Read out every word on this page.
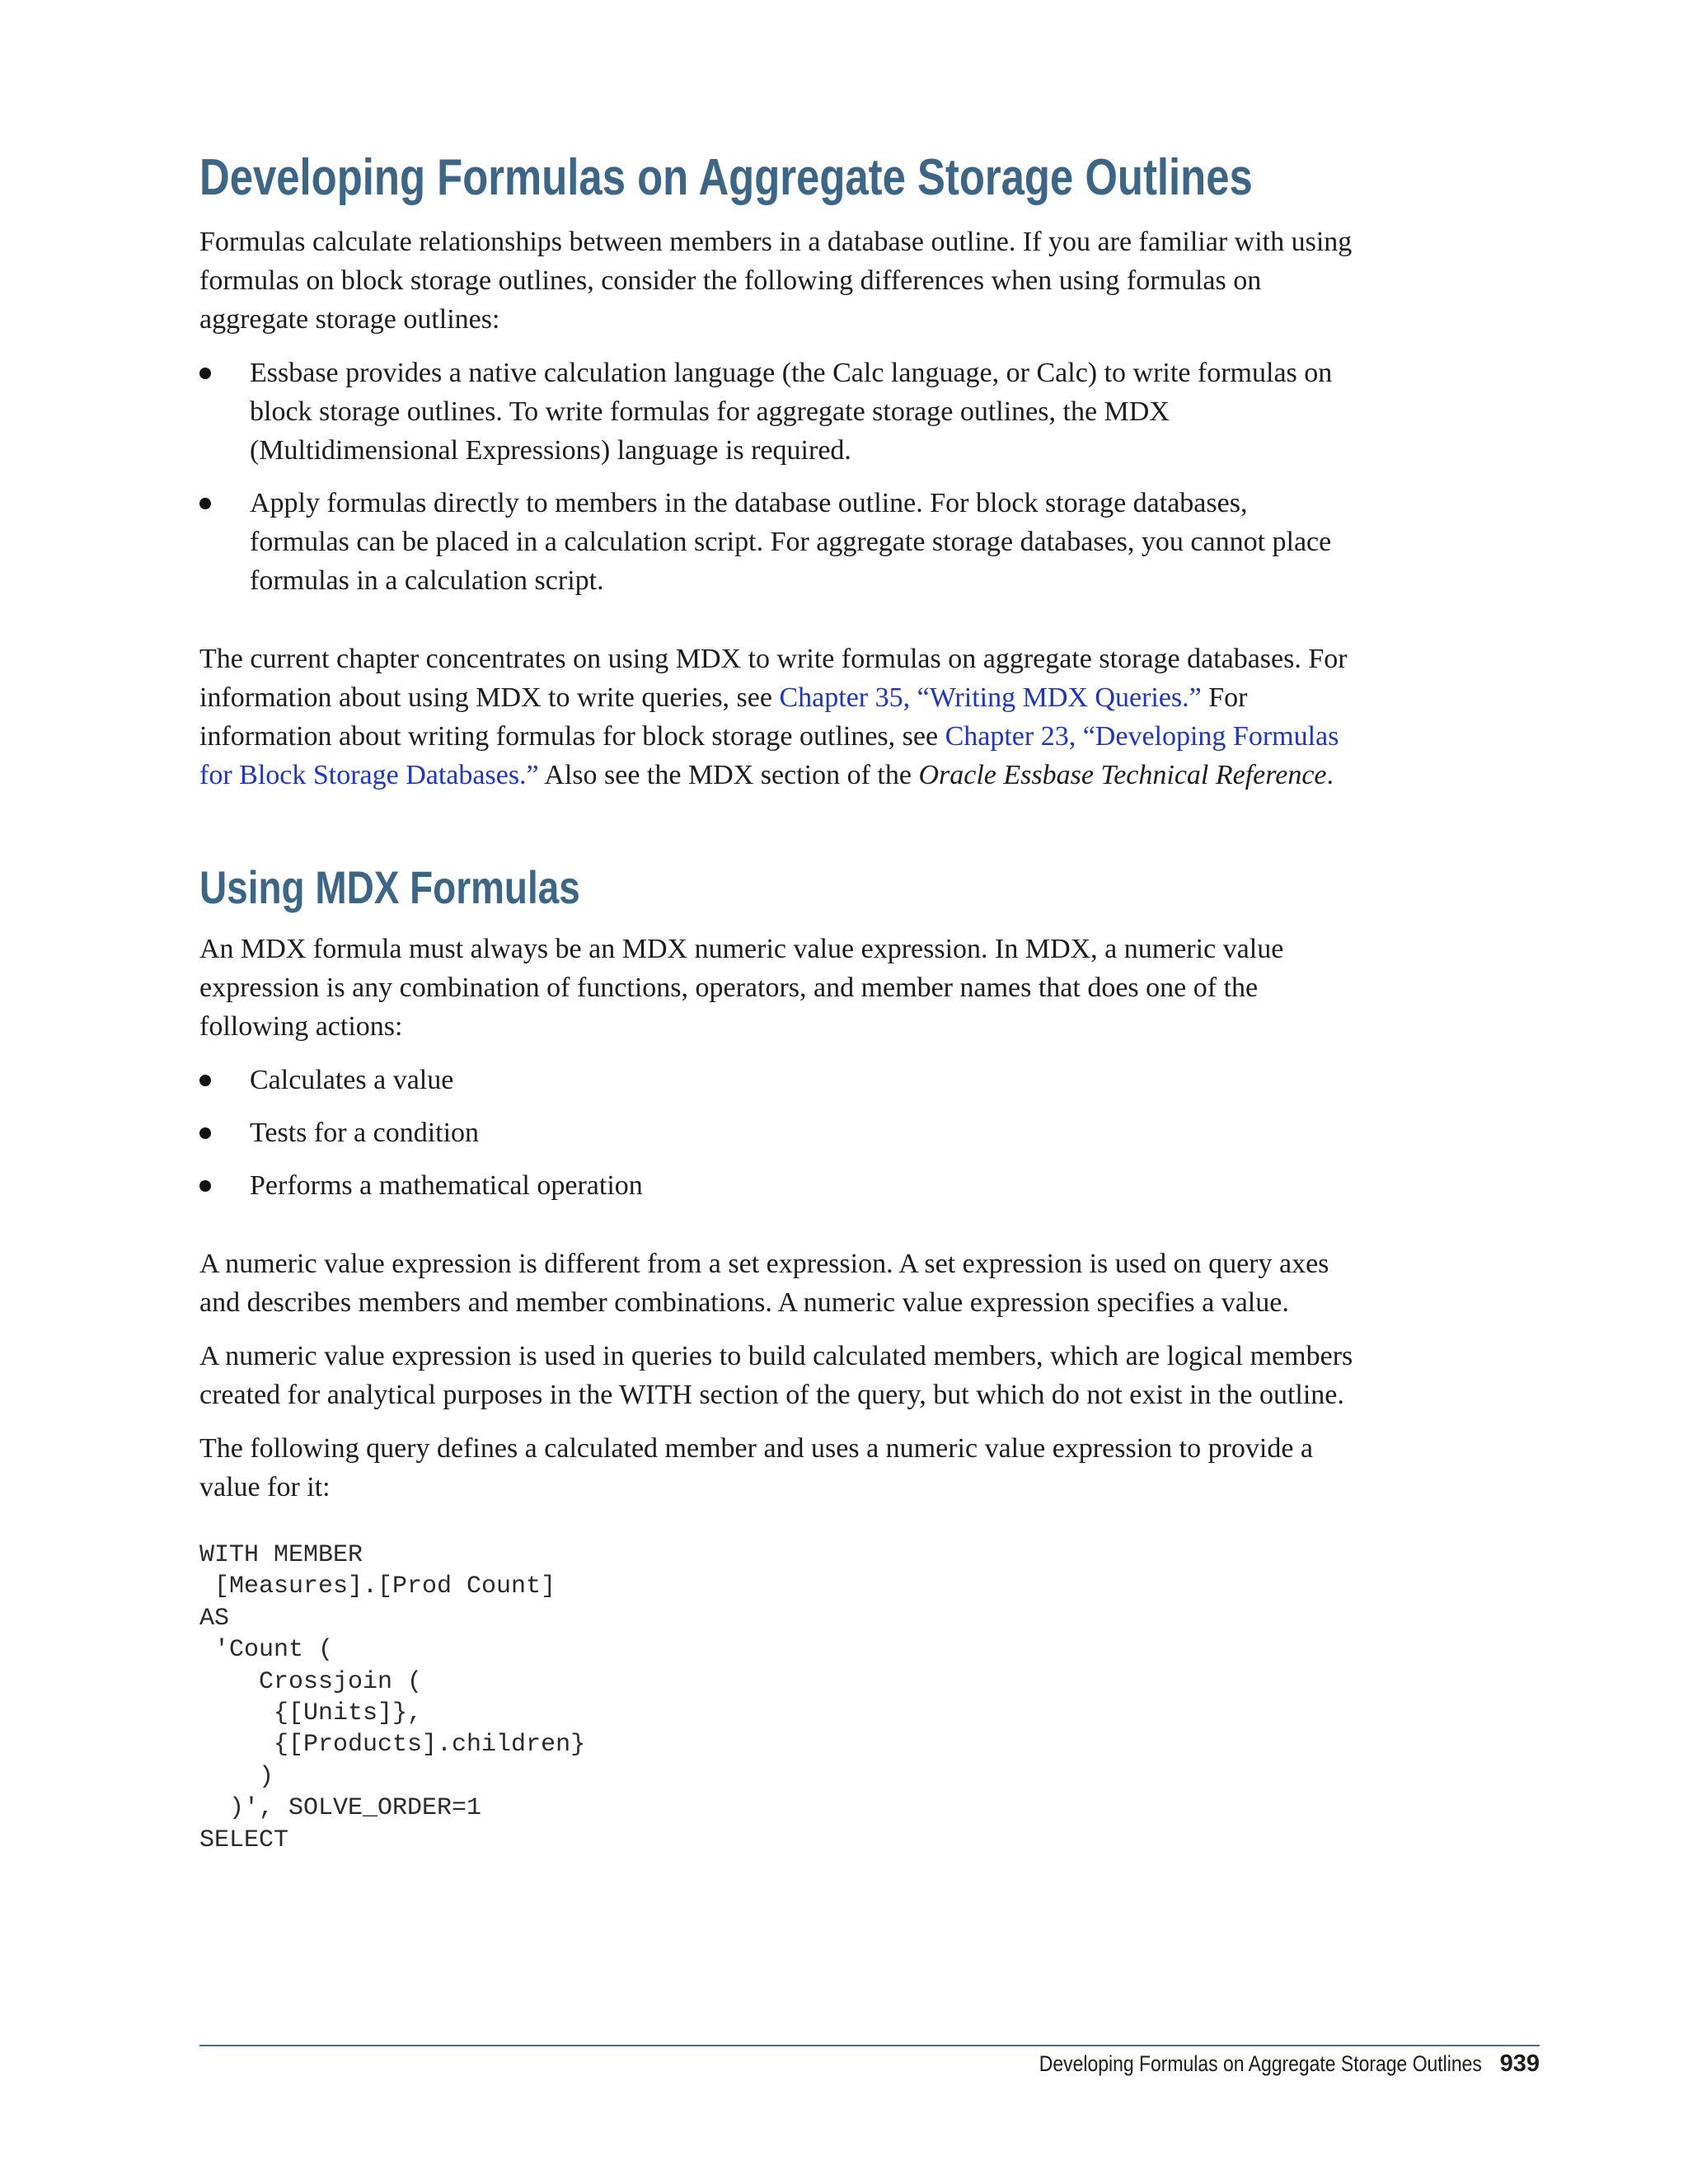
Developing Formulas on Aggregate Storage Outlines

Formulas calculate relationships between members in a database outline. If you are familiar with using formulas on block storage outlines, consider the following differences when using formulas on aggregate storage outlines:

Essbase provides a native calculation language (the Calc language, or Calc) to write formulas on block storage outlines. To write formulas for aggregate storage outlines, the MDX (Multidimensional Expressions) language is required.
Apply formulas directly to members in the database outline. For block storage databases, formulas can be placed in a calculation script. For aggregate storage databases, you cannot place formulas in a calculation script.

The current chapter concentrates on using MDX to write formulas on aggregate storage databases. For information about using MDX to write queries, see Chapter 35, “Writing MDX Queries.” For information about writing formulas for block storage outlines, see Chapter 23, “Developing Formulas for Block Storage Databases.” Also see the MDX section of the Oracle Essbase Technical Reference.

Using MDX Formulas

An MDX formula must always be an MDX numeric value expression. In MDX, a numeric value expression is any combination of functions, operators, and member names that does one of the following actions:

Calculates a value
Tests for a condition
Performs a mathematical operation

A numeric value expression is different from a set expression. A set expression is used on query axes and describes members and member combinations. A numeric value expression specifies a value.

A numeric value expression is used in queries to build calculated members, which are logical members created for analytical purposes in the WITH section of the query, but which do not exist in the outline.

The following query defines a calculated member and uses a numeric value expression to provide a value for it:

WITH MEMBER
[Measures].[Prod Count]
AS
'Count (
Crossjoin (
{[Units]},
{[Products].children}
)
)', SOLVE_ORDER=1
SELECT
Developing Formulas on Aggregate Storage Outlines 939
